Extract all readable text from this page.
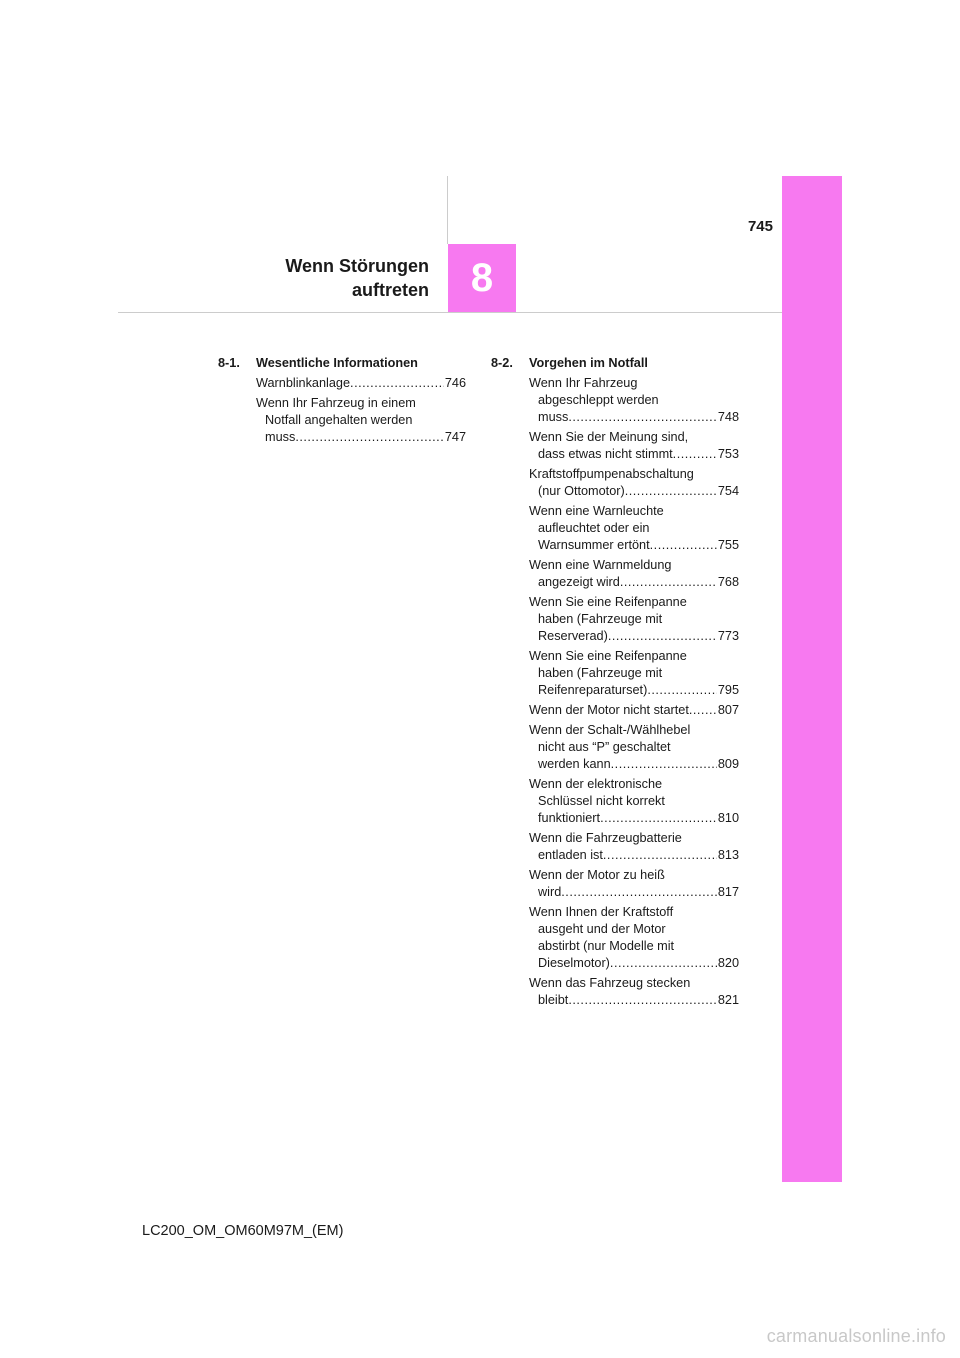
745
Wenn Störungen
auftreten 8
8-1.	Wesentliche Informationen
Warnblinkanlage .....	746
Wenn Ihr Fahrzeug in einem
Notfall angehalten werden
muss .....	747
8-2.	Vorgehen im Notfall
Wenn Ihr Fahrzeug
abgeschleppt werden
muss .....	748
Wenn Sie der Meinung sind,
dass etwas nicht stimmt .....	753
Kraftstoffpumpenabschaltung
(nur Ottomotor) .....	754
Wenn eine Warnleuchte
aufleuchtet oder ein
Warnsummer ertönt .....	755
Wenn eine Warnmeldung
angezeigt wird .....	768
Wenn Sie eine Reifenpanne
haben (Fahrzeuge mit
Reserverad) .....	773
Wenn Sie eine Reifenpanne
haben (Fahrzeuge mit
Reifenreparaturset) .....	795
Wenn der Motor nicht startet ..... 807
Wenn der Schalt-/Wählhebel
nicht aus “P” geschaltet
werden kann .....	809
Wenn der elektronische
Schlüssel nicht korrekt
funktioniert .....	810
Wenn die Fahrzeugbatterie
entladen ist .....	813
Wenn der Motor zu heiß
wird .....	817
Wenn Ihnen der Kraftstoff
ausgeht und der Motor
abstirbt (nur Modelle mit
Dieselmotor) .....	820
Wenn das Fahrzeug stecken
bleibt .....	821
LC200_OM_OM60M97M_(EM)
carmanualsonline.info
